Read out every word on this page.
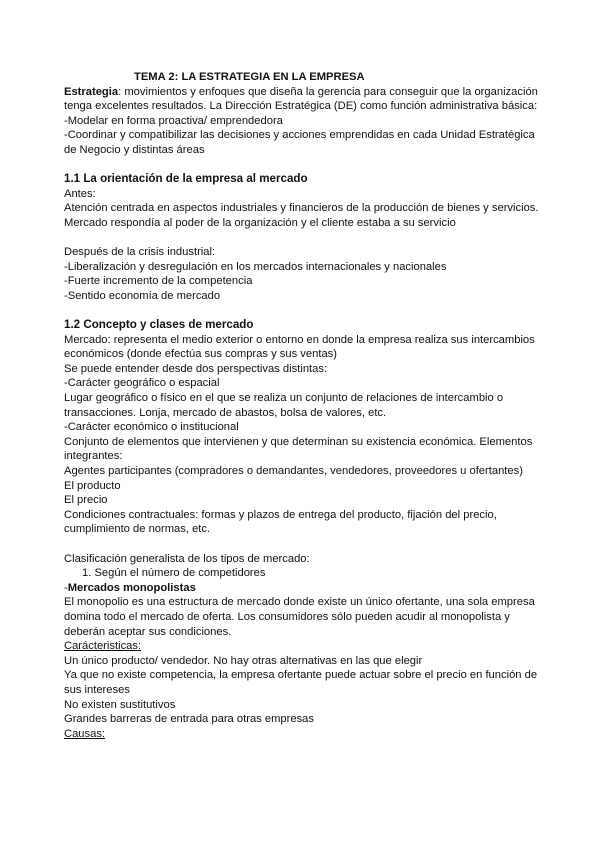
TEMA 2: LA ESTRATEGIA EN LA EMPRESA

Estrategia: movimientos y enfoques que diseña la gerencia para conseguir que la organización tenga excelentes resultados. La Dirección Estratégica (DE) como función administrativa básica:

-Modelar en forma proactiva/ emprendedora

-Coordinar y compatibilizar las decisiones y acciones emprendidas en cada Unidad Estratégica de Negocio y distintas áreas

1.1 La orientación de la empresa al mercado

Antes:

Atención centrada en aspectos industriales y financieros de la producción de bienes y servicios.

Mercado respondía al poder de la organización y el cliente estaba a su servicio

Después de la crisis industrial:

-Liberalización y desregulación en los mercados internacionales y nacionales

-Fuerte incremento de la competencia

-Sentido economía de mercado

1.2 Concepto y clases de mercado

Mercado: representa el medio exterior o entorno en donde la empresa realiza sus intercambios económicos (donde efectúa sus compras y sus ventas)

Se puede entender desde dos perspectivas distintas:

-Carácter geográfico o espacial

Lugar geográfico o físico en el que se realiza un conjunto de relaciones de intercambio o transacciones. Lonja, mercado de abastos, bolsa de valores, etc.

-Carácter económico o institucional

Conjunto de elementos que intervienen y que determinan su existencia económica. Elementos integrantes:

Agentes participantes (compradores o demandantes, vendedores, proveedores u ofertantes)

El producto

El precio

Condiciones contractuales: formas y plazos de entrega del producto, fijación del precio, cumplimiento de normas, etc.

Clasificación generalista de los tipos de mercado:

1. Según el número de competidores

-Mercados monopolistas

El monopolio es una estructura de mercado donde existe un único ofertante, una sola empresa domina todo el mercado de oferta. Los consumidores sólo pueden acudir al monopolista y deberán aceptar sus condiciones.

Carácteristicas:

Un único producto/ vendedor. No hay otras alternativas en las que elegir

Ya que no existe competencia, la empresa ofertante puede actuar sobre el precio en función de sus intereses

No existen sustitutivos

Grandes barreras de entrada para otras empresas

Causas:
